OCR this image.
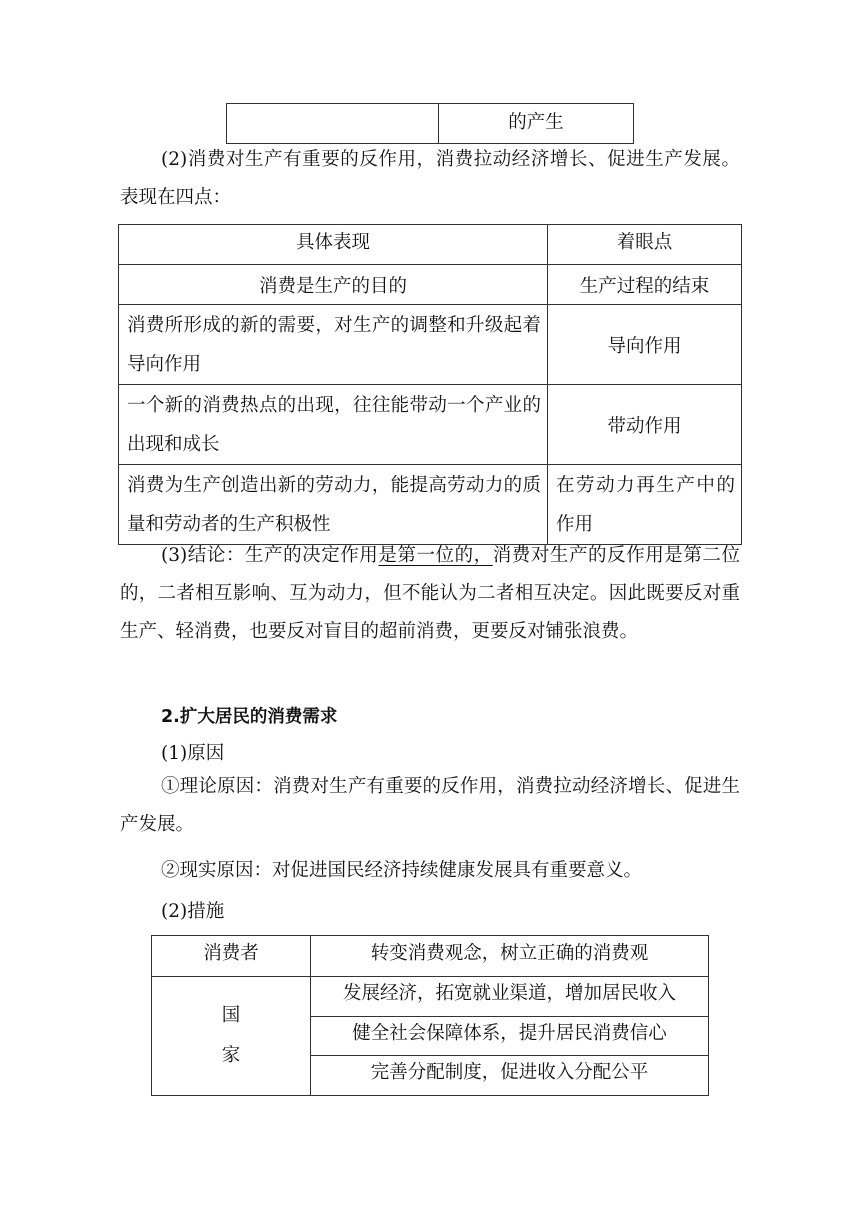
	的产生

(2)消费对生产有重要的反作用，消费拉动经济增长、促进生产发展。表现在四点：

具体表现	着眼点
消费是生产的目的	生产过程的结束
消费所形成的新的需要，对生产的调整和升级起着导向作用	导向作用
一个新的消费热点的出现，往往能带动一个产业的出现和成长	带动作用
消费为生产创造出新的劳动力，能提高劳动力的质量和劳动者的生产积极性	在劳动力再生产中的作用

(3)结论：生产的决定作用是第一位的，消费对生产的反作用是第二位的，二者相互影响、互为动力，但不能认为二者相互决定。因此既要反对重生产、轻消费，也要反对盲目的超前消费，更要反对铺张浪费。

2.扩大居民的消费需求

(1)原因

①理论原因：消费对生产有重要的反作用，消费拉动经济增长、促进生产发展。

②现实原因：对促进国民经济持续健康发展具有重要意义。

(2)措施

消费者	转变消费观念，树立正确的消费观

国
家	发展经济，拓宽就业渠道，增加居民收入
	健全社会保障体系，提升居民消费信心
	完善分配制度，促进收入分配公平
